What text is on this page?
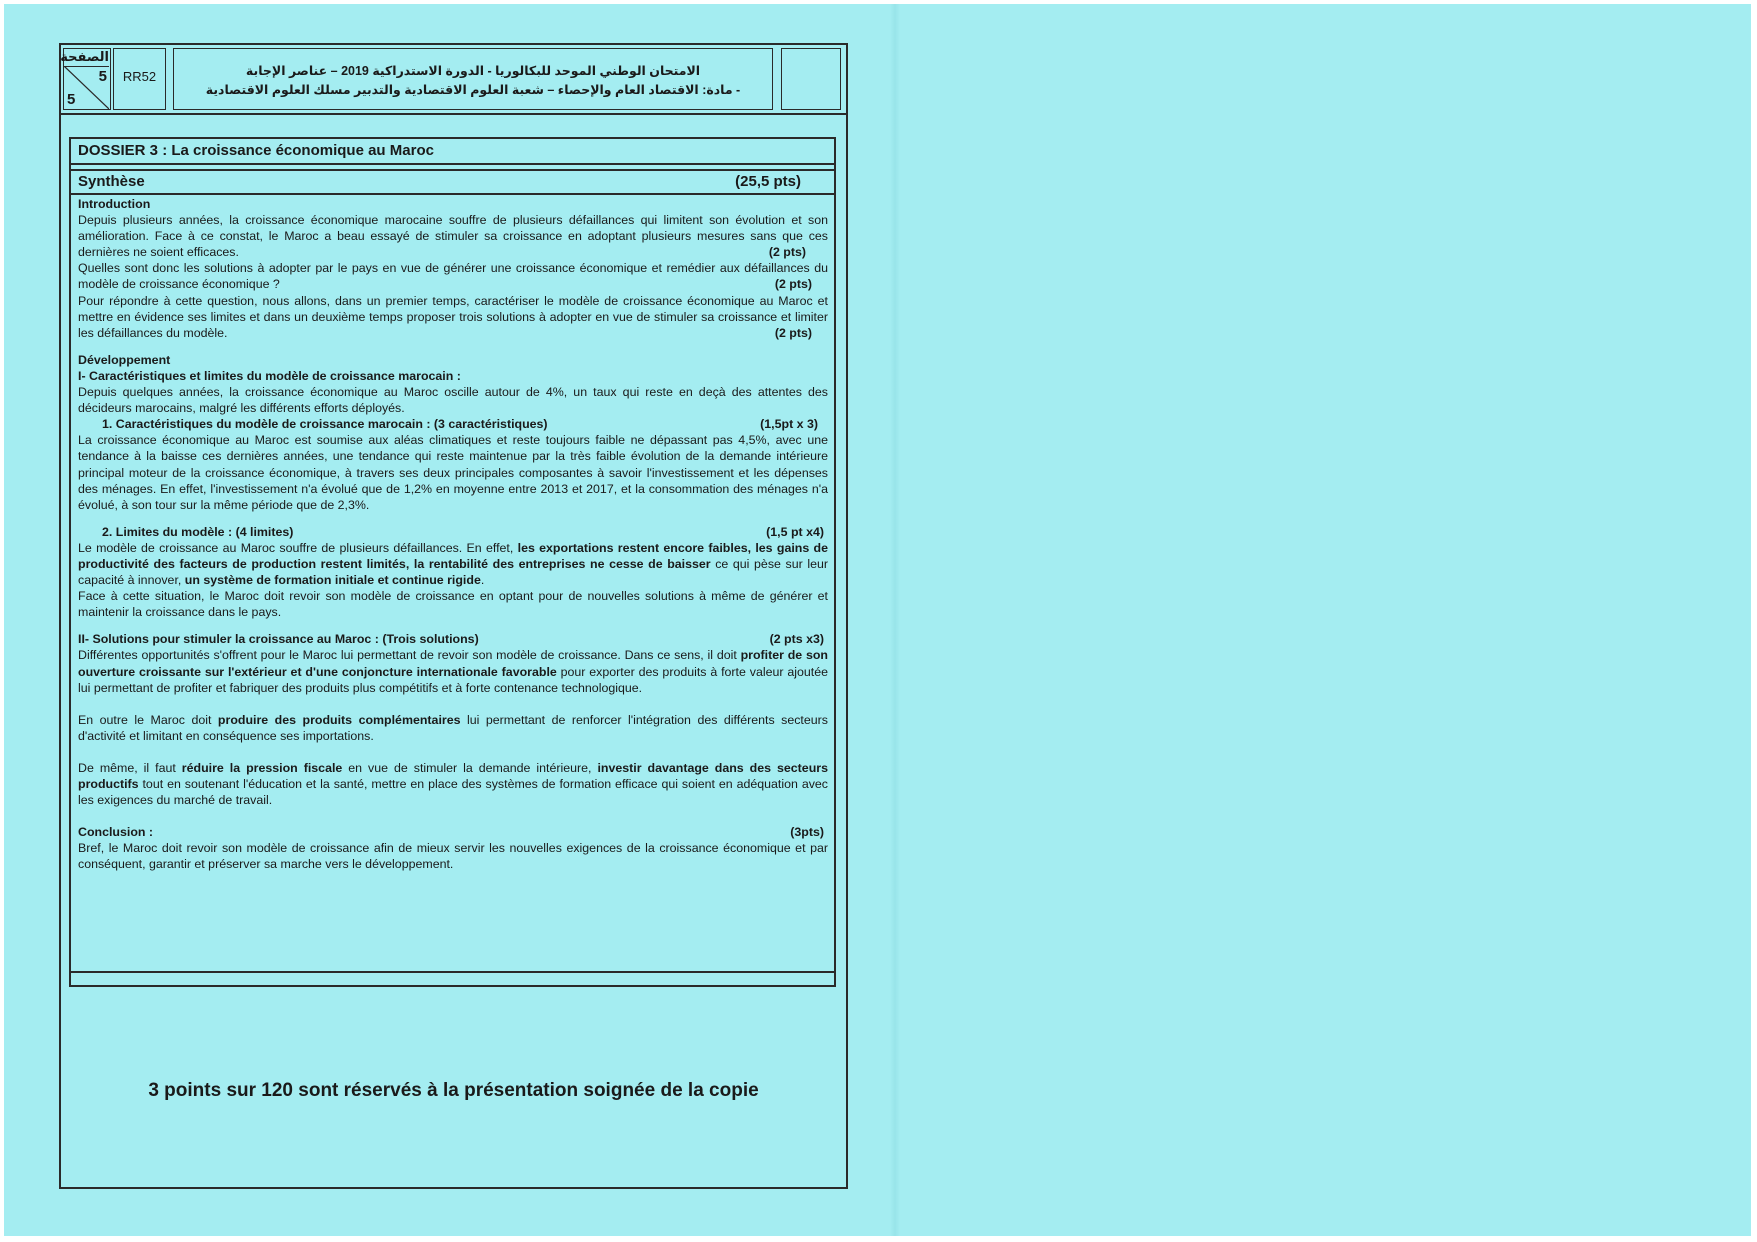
الصفحة
5
5
RR52	الامتحان الوطني الموحد للبكالوريا - الدورة الاستدراكية 2019 – عناصر الإجابة
- مادة: الاقتصاد العام والإحصاء – شعبة العلوم الاقتصادية والتدبير مسلك العلوم الاقتصادية
DOSSIER 3 : La croissance économique au Maroc
Synthèse	(25,5 pts)

Introduction

Depuis plusieurs années, la croissance économique marocaine souffre de plusieurs défaillances qui limitent son évolution et son amélioration. Face à ce constat, le Maroc a beau essayé de stimuler sa croissance en adoptant plusieurs mesures sans que ces dernières ne soient efficaces.	(2 pts)

Quelles sont donc les solutions à adopter par le pays en vue de générer une croissance économique et remédier aux défaillances du modèle de croissance économique ?	(2 pts)

Pour répondre à cette question, nous allons, dans un premier temps, caractériser le modèle de croissance économique au Maroc et mettre en évidence ses limites et dans un deuxième temps proposer trois solutions à adopter en vue de stimuler sa croissance et limiter les défaillances du modèle.	(2 pts)

Développement

I- Caractéristiques et limites du modèle de croissance marocain :

Depuis quelques années, la croissance économique au Maroc oscille autour de 4%, un taux qui reste en deçà des attentes des décideurs marocains, malgré les différents efforts déployés.

1. Caractéristiques du modèle de croissance marocain : (3 caractéristiques)	(1,5pt x 3)

La croissance économique au Maroc est soumise aux aléas climatiques et reste toujours faible ne dépassant pas 4,5%, avec une tendance à la baisse ces dernières années, une tendance qui reste maintenue par la très faible évolution de la demande intérieure principal moteur de la croissance économique, à travers ses deux principales composantes à savoir l'investissement et les dépenses des ménages. En effet, l'investissement n'a évolué que de 1,2% en moyenne entre 2013 et 2017, et la consommation des ménages n'a évolué, à son tour sur la même période que de 2,3%.

2. Limites du modèle : (4 limites)	(1,5 pt x4)

Le modèle de croissance au Maroc souffre de plusieurs défaillances. En effet, les exportations restent encore faibles, les gains de productivité des facteurs de production restent limités, la rentabilité des entreprises ne cesse de baisser ce qui pèse sur leur capacité à innover, un système de formation initiale et continue rigide.

Face à cette situation, le Maroc doit revoir son modèle de croissance en optant pour de nouvelles solutions à même de générer et maintenir la croissance dans le pays.

II- Solutions pour stimuler la croissance au Maroc : (Trois solutions)	(2 pts x3)

Différentes opportunités s'offrent pour le Maroc lui permettant de revoir son modèle de croissance. Dans ce sens, il doit profiter de son ouverture croissante sur l'extérieur et d'une conjoncture internationale favorable pour exporter des produits à forte valeur ajoutée lui permettant de profiter et fabriquer des produits plus compétitifs et à forte contenance technologique.

En outre le Maroc doit produire des produits complémentaires lui permettant de renforcer l'intégration des différents secteurs d'activité et limitant en conséquence ses importations.

De même, il faut réduire la pression fiscale en vue de stimuler la demande intérieure, investir davantage dans des secteurs productifs tout en soutenant l'éducation et la santé, mettre en place des systèmes de formation efficace qui soient en adéquation avec les exigences du marché de travail.

Conclusion :	(3pts)

Bref, le Maroc doit revoir son modèle de croissance afin de mieux servir les nouvelles exigences de la croissance économique et par conséquent, garantir et préserver sa marche vers le développement.

3 points sur 120 sont réservés à la présentation soignée de la copie
